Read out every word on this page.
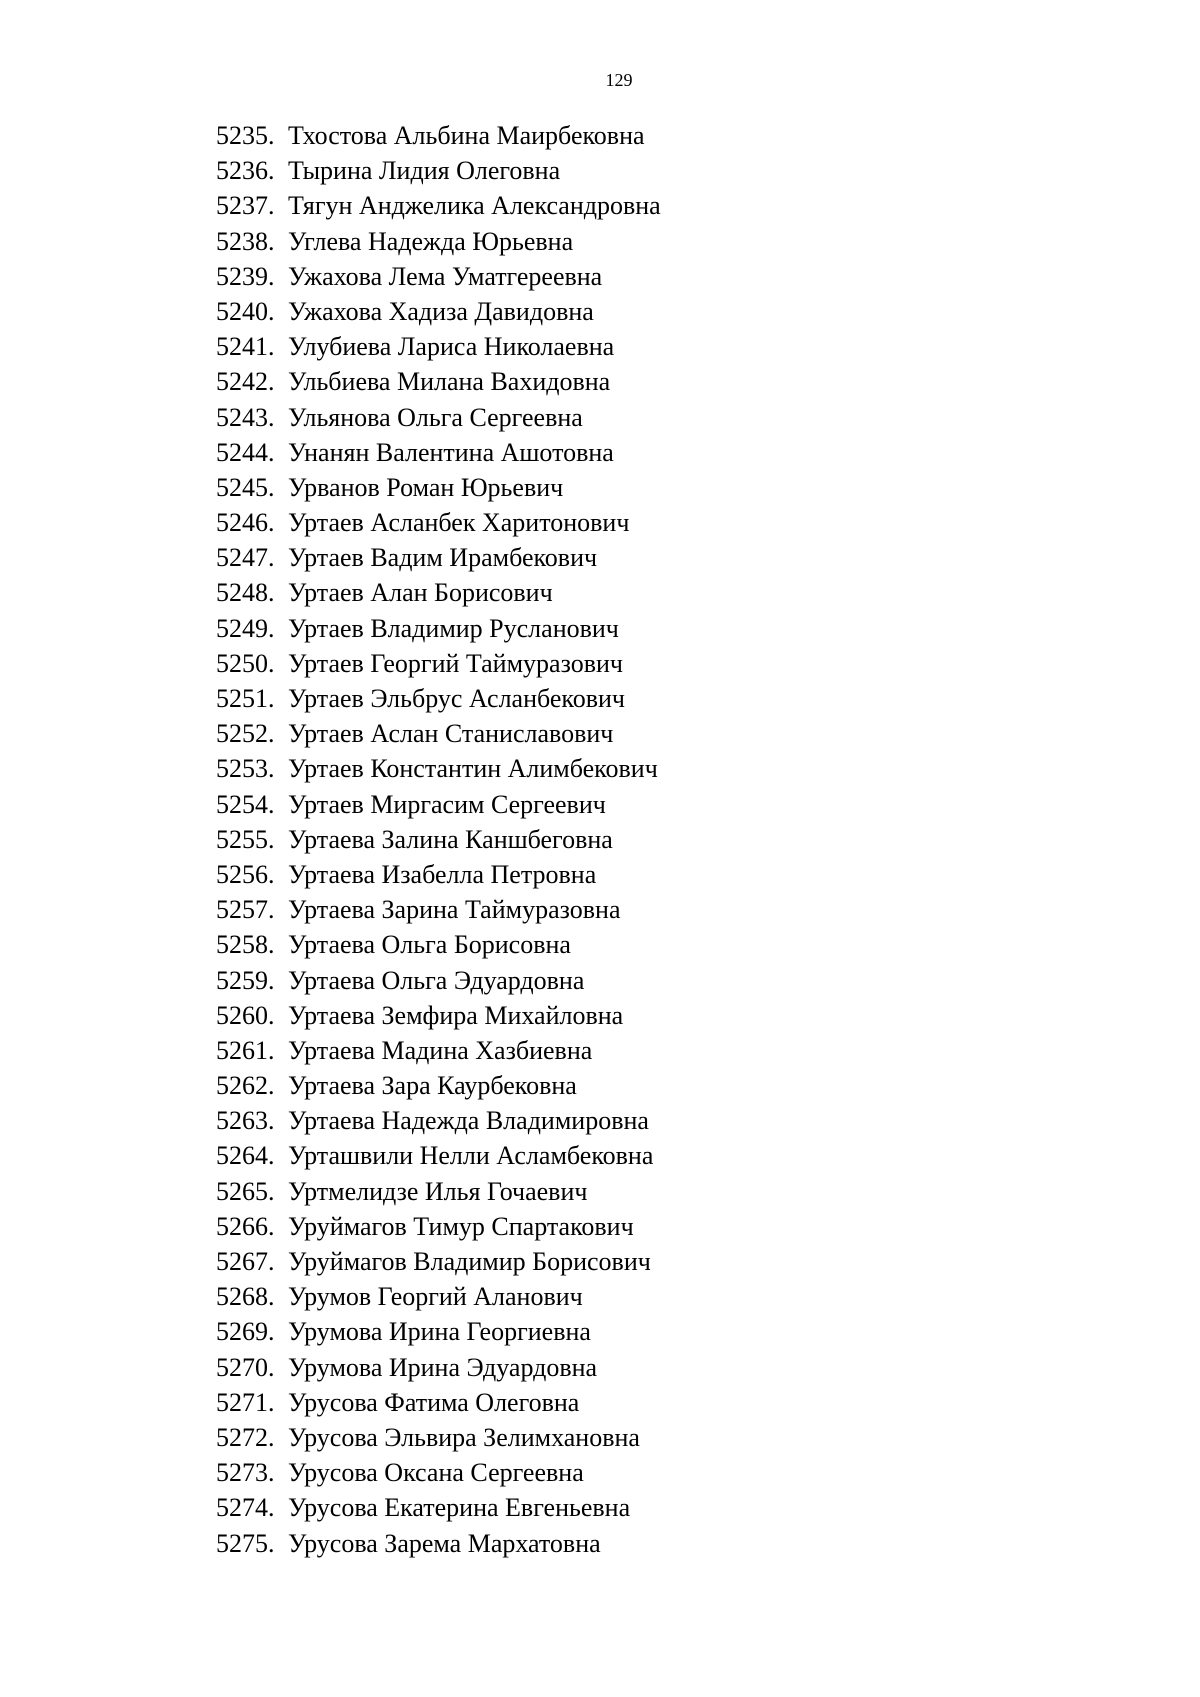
129
5235. Тхостова Альбина Маирбековна
5236. Тырина Лидия Олеговна
5237. Тягун Анджелика Александровна
5238. Углева Надежда Юрьевна
5239. Ужахова Лема Уматгереевна
5240. Ужахова Хадиза Давидовна
5241. Улубиева Лариса Николаевна
5242. Ульбиева Милана Вахидовна
5243. Ульянова Ольга Сергеевна
5244. Унанян Валентина Ашотовна
5245. Урванов Роман Юрьевич
5246. Уртаев Асланбек Харитонович
5247. Уртаев Вадим Ирамбекович
5248. Уртаев Алан Борисович
5249. Уртаев Владимир Русланович
5250. Уртаев Георгий Таймуразович
5251. Уртаев Эльбрус Асланбекович
5252. Уртаев Аслан Станиславович
5253. Уртаев Константин Алимбекович
5254. Уртаев Миргасим Сергеевич
5255. Уртаева Залина Каншбеговна
5256. Уртаева Изабелла Петровна
5257. Уртаева Зарина Таймуразовна
5258. Уртаева Ольга Борисовна
5259. Уртаева Ольга Эдуардовна
5260. Уртаева Земфира Михайловна
5261. Уртаева Мадина Хазбиевна
5262. Уртаева Зара Каурбековна
5263. Уртаева Надежда Владимировна
5264. Урташвили Нелли Асламбековна
5265. Уртмелидзе Илья Гочаевич
5266. Уруймагов Тимур Спартакович
5267. Уруймагов Владимир Борисович
5268. Урумов Георгий Аланович
5269. Урумова Ирина Георгиевна
5270. Урумова Ирина Эдуардовна
5271. Урусова Фатима Олеговна
5272. Урусова Эльвира Зелимхановна
5273. Урусова Оксана Сергеевна
5274. Урусова Екатерина Евгеньевна
5275. Урусова Зарема Мархатовна
